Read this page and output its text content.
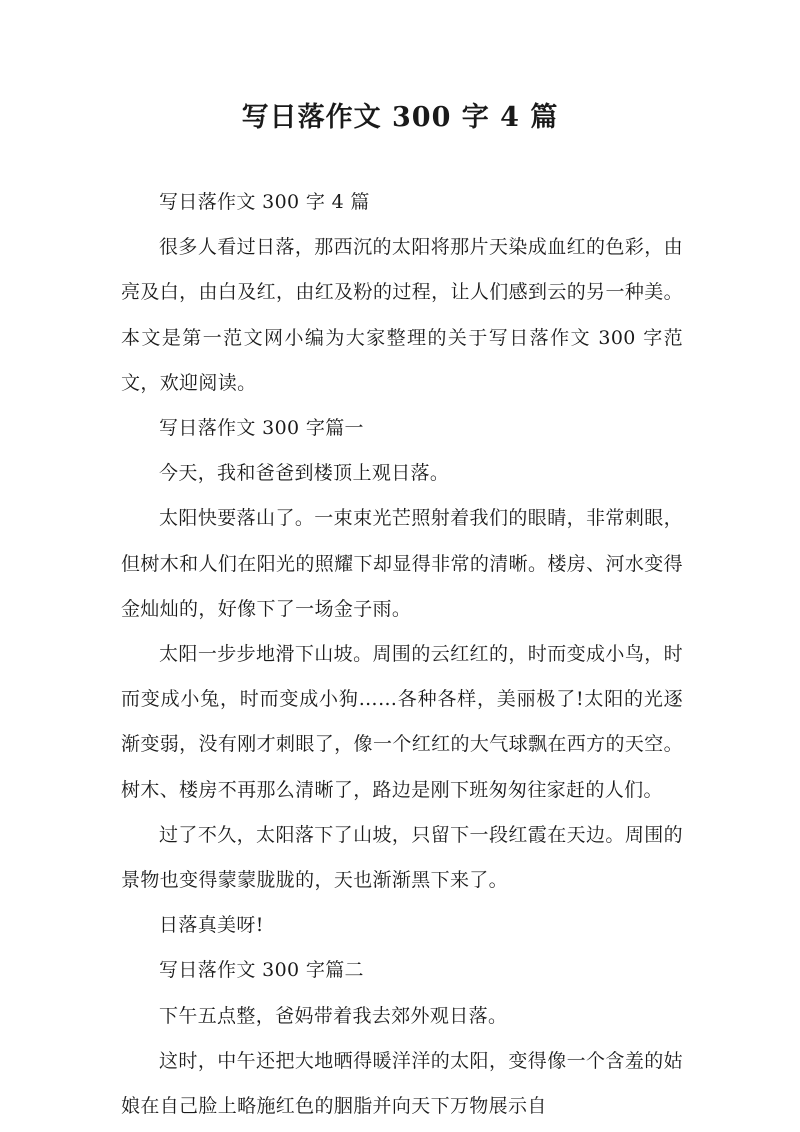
写日落作文 300 字 4 篇

写日落作文 300 字 4 篇

很多人看过日落，那西沉的太阳将那片天染成血红的色彩，由亮及白，由白及红，由红及粉的过程，让人们感到云的另一种美。 本文是第一范文网小编为大家整理的关于写日落作文 300 字范文，欢迎阅读。

写日落作文 300 字篇一

今天，我和爸爸到楼顶上观日落。

太阳快要落山了。一束束光芒照射着我们的眼睛，非常刺眼，但树木和人们在阳光的照耀下却显得非常的清晰。楼房、河水变得金灿灿的，好像下了一场金子雨。

太阳一步步地滑下山坡。周围的云红红的，时而变成小鸟，时而变成小兔，时而变成小狗……各种各样，美丽极了!太阳的光逐渐变弱，没有刚才刺眼了，像一个红红的大气球飘在西方的天空。树木、楼房不再那么清晰了，路边是刚下班匆匆往家赶的人们。

过了不久，太阳落下了山坡，只留下一段红霞在天边。周围的景物也变得蒙蒙胧胧的，天也渐渐黑下来了。

日落真美呀!

写日落作文 300 字篇二

下午五点整，爸妈带着我去郊外观日落。

这时，中午还把大地晒得暖洋洋的太阳，变得像一个含羞的姑娘在自己脸上略施红色的胭脂并向天下万物展示自
